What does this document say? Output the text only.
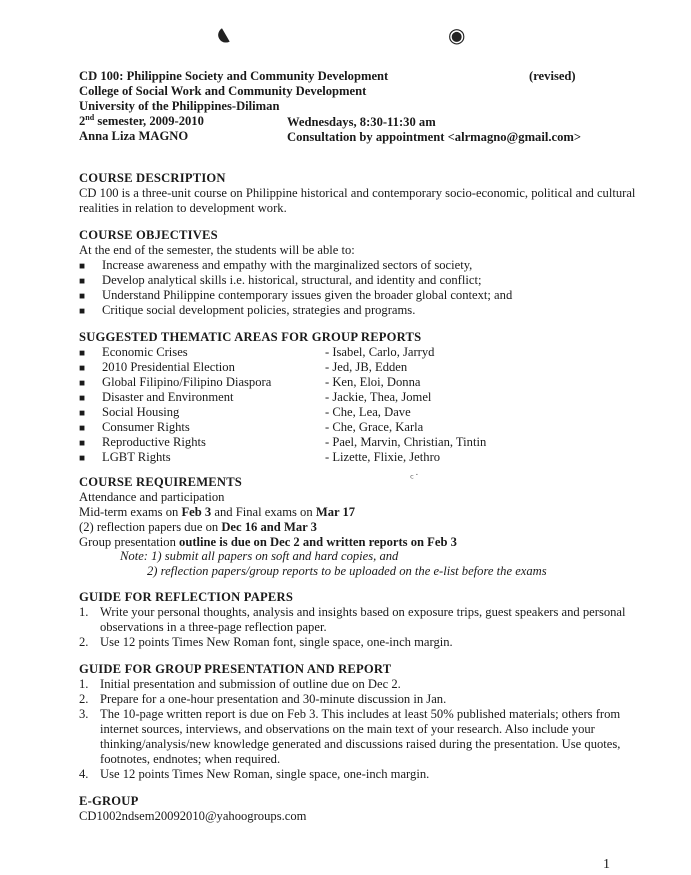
◖	◉
ᶜ˙
CD 100: Philippine Society and Community Development	(revised)
College of Social Work and Community Development
University of the Philippines-Diliman
2nd semester, 2009-2010	Wednesdays, 8:30-11:30 am
Anna Liza MAGNO	Consultation by appointment <alrmagno@gmail.com>
COURSE DESCRIPTION
CD 100 is a three-unit course on Philippine historical and contemporary socio-economic, political and cultural
realities in relation to development work.
COURSE OBJECTIVES
At the end of the semester, the students will be able to:
■ Increase awareness and empathy with the marginalized sectors of society,
■ Develop analytical skills i.e. historical, structural, and identity and conflict;
■ Understand Philippine contemporary issues given the broader global context; and
■ Critique social development policies, strategies and programs.
SUGGESTED THEMATIC AREAS FOR GROUP REPORTS
■ Economic Crises	- Isabel, Carlo, Jarryd
■ 2010 Presidential Election	- Jed, JB, Edden
■ Global Filipino/Filipino Diaspora	- Ken, Eloi, Donna
■ Disaster and Environment	- Jackie, Thea, Jomel
■ Social Housing	- Che, Lea, Dave
■ Consumer Rights	- Che, Grace, Karla
■ Reproductive Rights	- Pael, Marvin, Christian, Tintin
■ LGBT Rights	- Lizette, Flixie, Jethro
COURSE REQUIREMENTS
Attendance and participation
Mid-term exams on Feb 3 and Final exams on Mar 17
(2) reflection papers due on Dec 16 and Mar 3
Group presentation outline is due on Dec 2 and written reports on Feb 3
Note: 1) submit all papers on soft and hard copies, and
2) reflection papers/group reports to be uploaded on the e-list before the exams
GUIDE FOR REFLECTION PAPERS
1. Write your personal thoughts, analysis and insights based on exposure trips, guest speakers and personal
observations in a three-page reflection paper.
2. Use 12 points Times New Roman font, single space, one-inch margin.
GUIDE FOR GROUP PRESENTATION AND REPORT
1. Initial presentation and submission of outline due on Dec 2.
2. Prepare for a one-hour presentation and 30-minute discussion in Jan.
3. The 10-page written report is due on Feb 3. This includes at least 50% published materials; others from
internet sources, interviews, and observations on the main text of your research. Also include your
thinking/analysis/new knowledge generated and discussions raised during the presentation. Use quotes,
footnotes, endnotes; when required.
4. Use 12 points Times New Roman, single space, one-inch margin.
E-GROUP
CD1002ndsem20092010@yahoogroups.com
1
